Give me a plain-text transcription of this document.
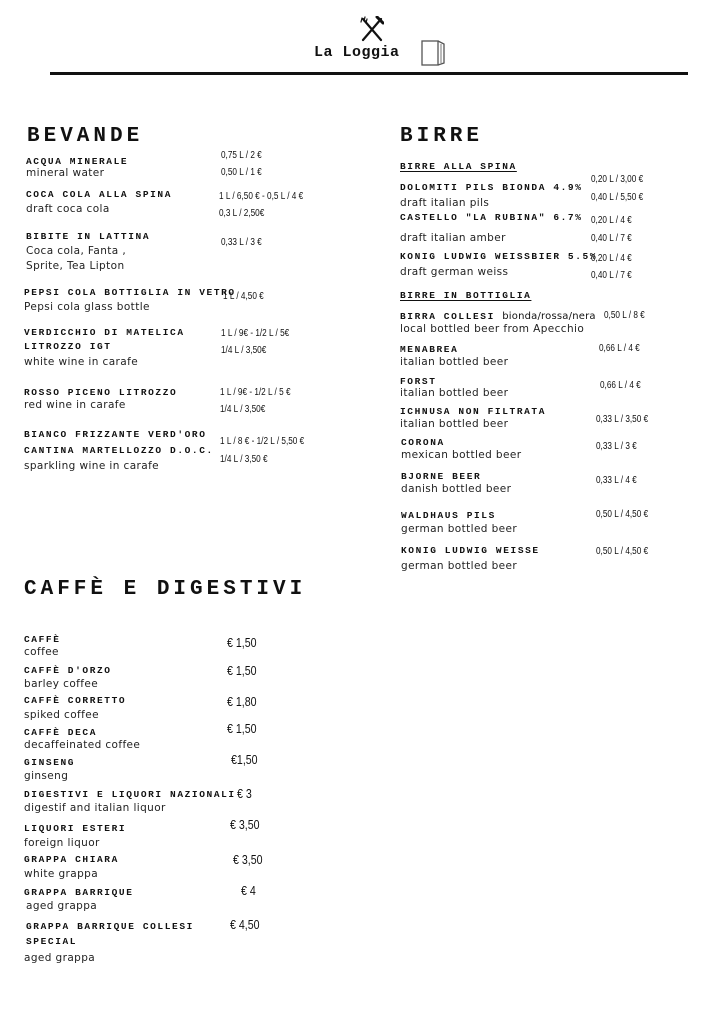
La Loggia
BEVANDE
ACQUA MINERALE
mineral water
0,75 L / 2 €
0,50 L / 1 €
COCA COLA ALLA SPINA
draft coca cola
1 L / 6,50 € - 0,5 L / 4 €
0,3 L / 2,50€
BIBITE IN LATTINA
Coca cola, Fanta ,
Sprite, Tea Lipton
0,33 L / 3 €
PEPSI COLA BOTTIGLIA IN VETRO
Pepsi cola glass bottle
1 L / 4,50 €
VERDICCHIO DI MATELICA
LITROZZO IGT
white wine in carafe
1 L / 9€ - 1/2 L / 5€
1/4 L / 3,50€
ROSSO PICENO LITROZZO
red wine in carafe
1 L / 9€ - 1/2 L / 5 €
1/4 L / 3,50€
BIANCO FRIZZANTE VERD'ORO
CANTINA MARTELLOZZO D.O.C.
sparkling wine in carafe
1 L / 8 € - 1/2 L / 5,50 €
1/4 L / 3,50 €
BIRRE
BIRRE ALLA SPINA
DOLOMITI PILS BIONDA 4.9%
draft italian pils
0,20 L / 3,00 €
0,40 L / 5,50 €
CASTELLO "LA RUBINA" 6.7%
draft italian amber
0,20 L / 4 €
0,40 L / 7 €
KONIG LUDWIG WEISSBIER 5.5%
draft german weiss
0,20 L / 4 €
0,40 L / 7 €
BIRRE IN BOTTIGLIA
BIRRA COLLESI bionda/rossa/nera
local bottled beer from Apecchio
0,50 L / 8 €
MENABREA
italian bottled beer
0,66 L / 4 €
FORST
italian bottled beer
0,66 L / 4 €
ICHNUSA NON FILTRATA
italian bottled beer	0,33 L / 3,50 €
CORONA
mexican bottled beer
0,33 L / 3 €
BJORNE BEER
danish bottled beer
0,33 L / 4 €
WALDHAUS PILS
german bottled beer
0,50 L / 4,50 €
KONIG LUDWIG WEISSE
german bottled beer
0,50 L / 4,50 €
CAFFÈ E DIGESTIVI
CAFFÈ
coffee
€ 1,50
CAFFÈ D'ORZO
barley coffee
€ 1,50
CAFFÈ CORRETTO
spiked coffee
€ 1,80
CAFFÈ DECA
decaffeinated coffee
€ 1,50
GINSENG
ginseng
€1,50
DIGESTIVI E LIQUORI NAZIONALI
digestif and italian liquor
€ 3
LIQUORI ESTERI
foreign liquor
€ 3,50
GRAPPA CHIARA
white grappa
€ 3,50
GRAPPA BARRIQUE
aged grappa
€ 4
GRAPPA BARRIQUE COLLESI
SPECIAL
aged grappa
€ 4,50
